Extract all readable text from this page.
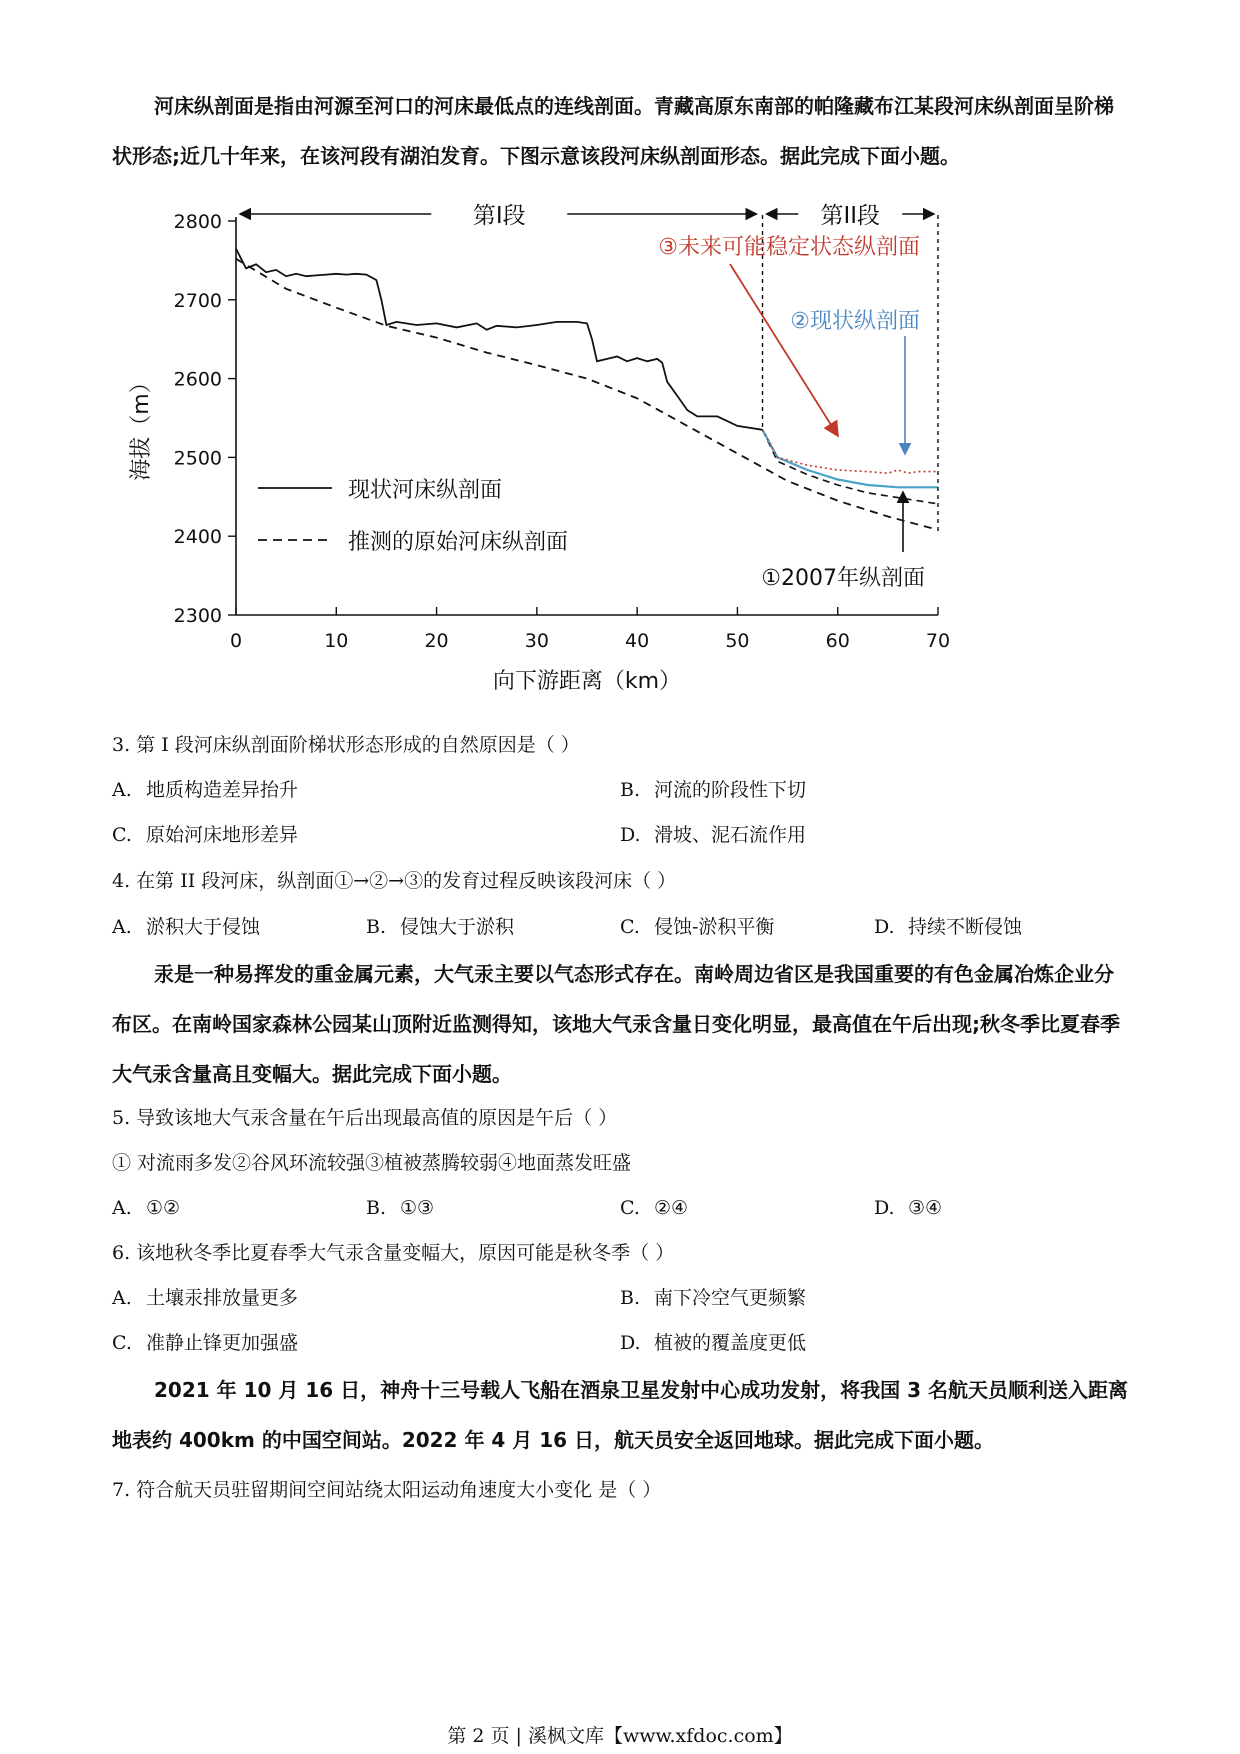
河床纵剖面是指由河源至河口的河床最低点的连线剖面。青藏高原东南部的帕隆藏布江某段河床纵剖面呈阶梯状形态;近几十年来，在该河段有湖泊发育。下图示意该段河床纵剖面形态。据此完成下面小题。

2300
2400
2500
2600
2700
2800
0	10	20	30	40	50	60	70
向下游距离（km）
海拔（m）
第I段	第II段
现状河床纵剖面
推测的原始河床纵剖面
③未来可能稳定状态纵剖面
②现状纵剖面
①2007年纵剖面

3. 第 I 段河床纵剖面阶梯状形态形成的自然原因是（ ）

A. 地质构造差异抬升	B. 河流的阶段性下切

C. 原始河床地形差异	D. 滑坡、泥石流作用

4. 在第 II 段河床，纵剖面①→②→③的发育过程反映该段河床（ ）

A. 淤积大于侵蚀	B. 侵蚀大于淤积	C. 侵蚀-淤积平衡	D. 持续不断侵蚀

汞是一种易挥发的重金属元素，大气汞主要以气态形式存在。南岭周边省区是我国重要的有色金属冶炼企业分布区。在南岭国家森林公园某山顶附近监测得知，该地大气汞含量日变化明显，最高值在午后出现;秋冬季比夏春季大气汞含量高且变幅大。据此完成下面小题。

5. 导致该地大气汞含量在午后出现最高值的原因是午后（ ）

① 对流雨多发②谷风环流较强③植被蒸腾较弱④地面蒸发旺盛

A. ①②	B. ①③	C. ②④	D. ③④

6. 该地秋冬季比夏春季大气汞含量变幅大，原因可能是秋冬季（ ）

A. 土壤汞排放量更多	B. 南下冷空气更频繁

C. 准静止锋更加强盛	D. 植被的覆盖度更低

2021 年 10 月 16 日，神舟十三号载人飞船在酒泉卫星发射中心成功发射，将我国 3 名航天员顺利送入距离地表约 400km 的中国空间站。2022 年 4 月 16 日，航天员安全返回地球。据此完成下面小题。

7. 符合航天员驻留期间空间站绕太阳运动角速度大小变化 是（ ）

第 2 页 | 溪枫文库【www.xfdoc.com】
